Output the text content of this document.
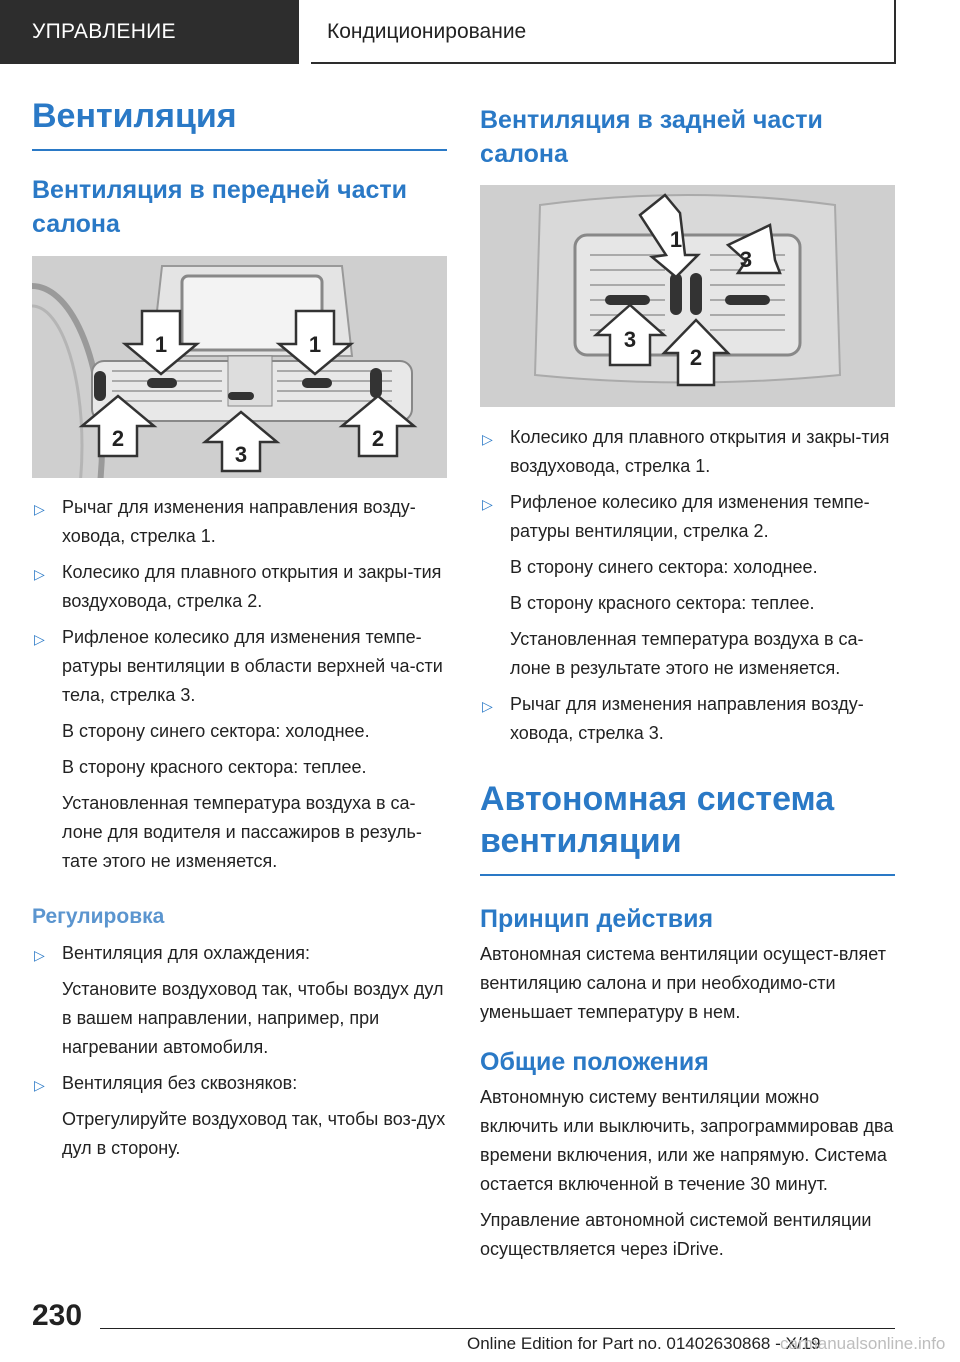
УПРАВЛЕНИЕ	Кондиционирование
Вентиляция
Вентиляция в передней части салона
1	1
2
3
2
▷ Рычаг для изменения направления возду-ховода, стрелка 1.
▷ Колесико для плавного открытия и закры-тия воздуховода, стрелка 2.
▷ Рифленое колесико для изменения темпе-ратуры вентиляции в области верхней ча-сти тела, стрелка 3.
В сторону синего сектора: холоднее.
В сторону красного сектора: теплее.
Установленная температура воздуха в са-лоне для водителя и пассажиров в резуль-тате этого не изменяется.
Регулировка
▷ Вентиляция для охлаждения:
Установите воздуховод так, чтобы воздух дул в вашем направлении, например, при нагревании автомобиля.
▷ Вентиляция без сквозняков:
Отрегулируйте воздуховод так, чтобы воз-дух дул в сторону.
Вентиляция в задней части салона
1
3
3
2
▷ Колесико для плавного открытия и закры-тия воздуховода, стрелка 1.
▷ Рифленое колесико для изменения темпе-ратуры вентиляции, стрелка 2.
В сторону синего сектора: холоднее.
В сторону красного сектора: теплее.
Установленная температура воздуха в са-лоне в результате этого не изменяется.
▷ Рычаг для изменения направления возду-ховода, стрелка 3.
Автономная система вентиляции
Принцип действия

Автономная система вентиляции осущест-вляет вентиляцию салона и при необходимо-сти уменьшает температуру в нем.

Общие положения

Автономную систему вентиляции можно включить или выключить, запрограммировав два времени включения, или же напрямую. Система остается включенной в течение 30 минут.

Управление автономной системой вентиляции осуществляется через iDrive.

230
Online Edition for Part no. 01402630868 - X/19
carmanualsonline.info
